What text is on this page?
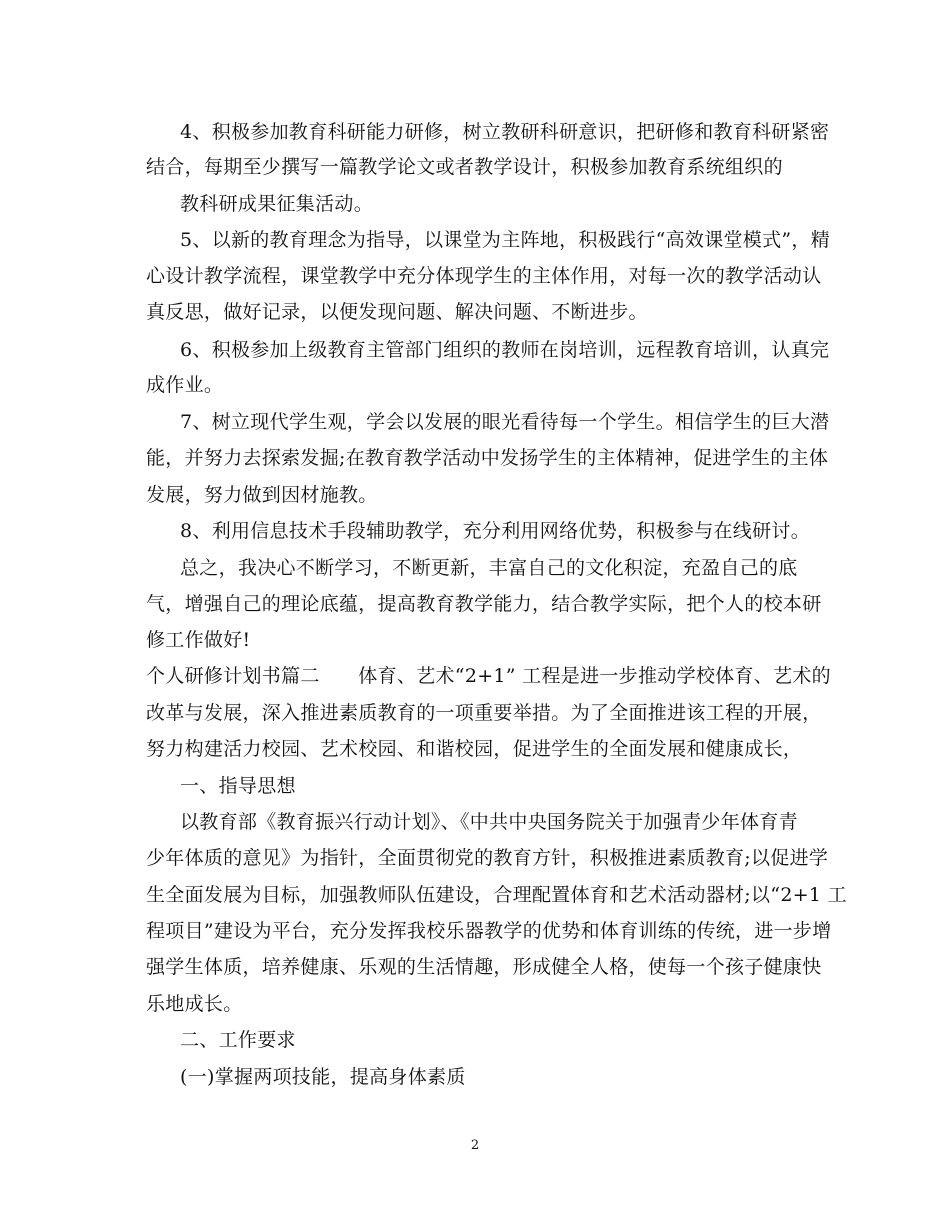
4、积极参加教育科研能力研修，树立教研科研意识，把研修和教育科研紧密
结合，每期至少撰写一篇教学论文或者教学设计，积极参加教育系统组织的
教科研成果征集活动。
5、以新的教育理念为指导，以课堂为主阵地，积极践行“高效课堂模式”，精
心设计教学流程，课堂教学中充分体现学生的主体作用，对每一次的教学活动认
真反思，做好记录，以便发现问题、解决问题、不断进步。
6、积极参加上级教育主管部门组织的教师在岗培训，远程教育培训，认真完
成作业。
7、树立现代学生观，学会以发展的眼光看待每一个学生。相信学生的巨大潜
能，并努力去探索发掘;在教育教学活动中发扬学生的主体精神，促进学生的主体
发展，努力做到因材施教。
8、利用信息技术手段辅助教学，充分利用网络优势，积极参与在线研讨。
总之，我决心不断学习，不断更新，丰富自己的文化积淀，充盈自己的底
气，增强自己的理论底蕴，提高教育教学能力，结合教学实际，把个人的校本研
修工作做好!
个人研修计划书篇二　　体育、艺术“2+1” 工程是进一步推动学校体育、艺术的
改革与发展，深入推进素质教育的一项重要举措。为了全面推进该工程的开展，
努力构建活力校园、艺术校园、和谐校园，促进学生的全面发展和健康成长，
一、指导思想
以教育部《教育振兴行动计划》、《中共中央国务院关于加强青少年体育青
少年体质的意见》为指针，全面贯彻党的教育方针，积极推进素质教育;以促进学
生全面发展为目标，加强教师队伍建设，合理配置体育和艺术活动器材;以“2+1 工
程项目”建设为平台，充分发挥我校乐器教学的优势和体育训练的传统，进一步增
强学生体质，培养健康、乐观的生活情趣，形成健全人格，使每一个孩子健康快
乐地成长。
二、工作要求
(一)掌握两项技能，提高身体素质
2
